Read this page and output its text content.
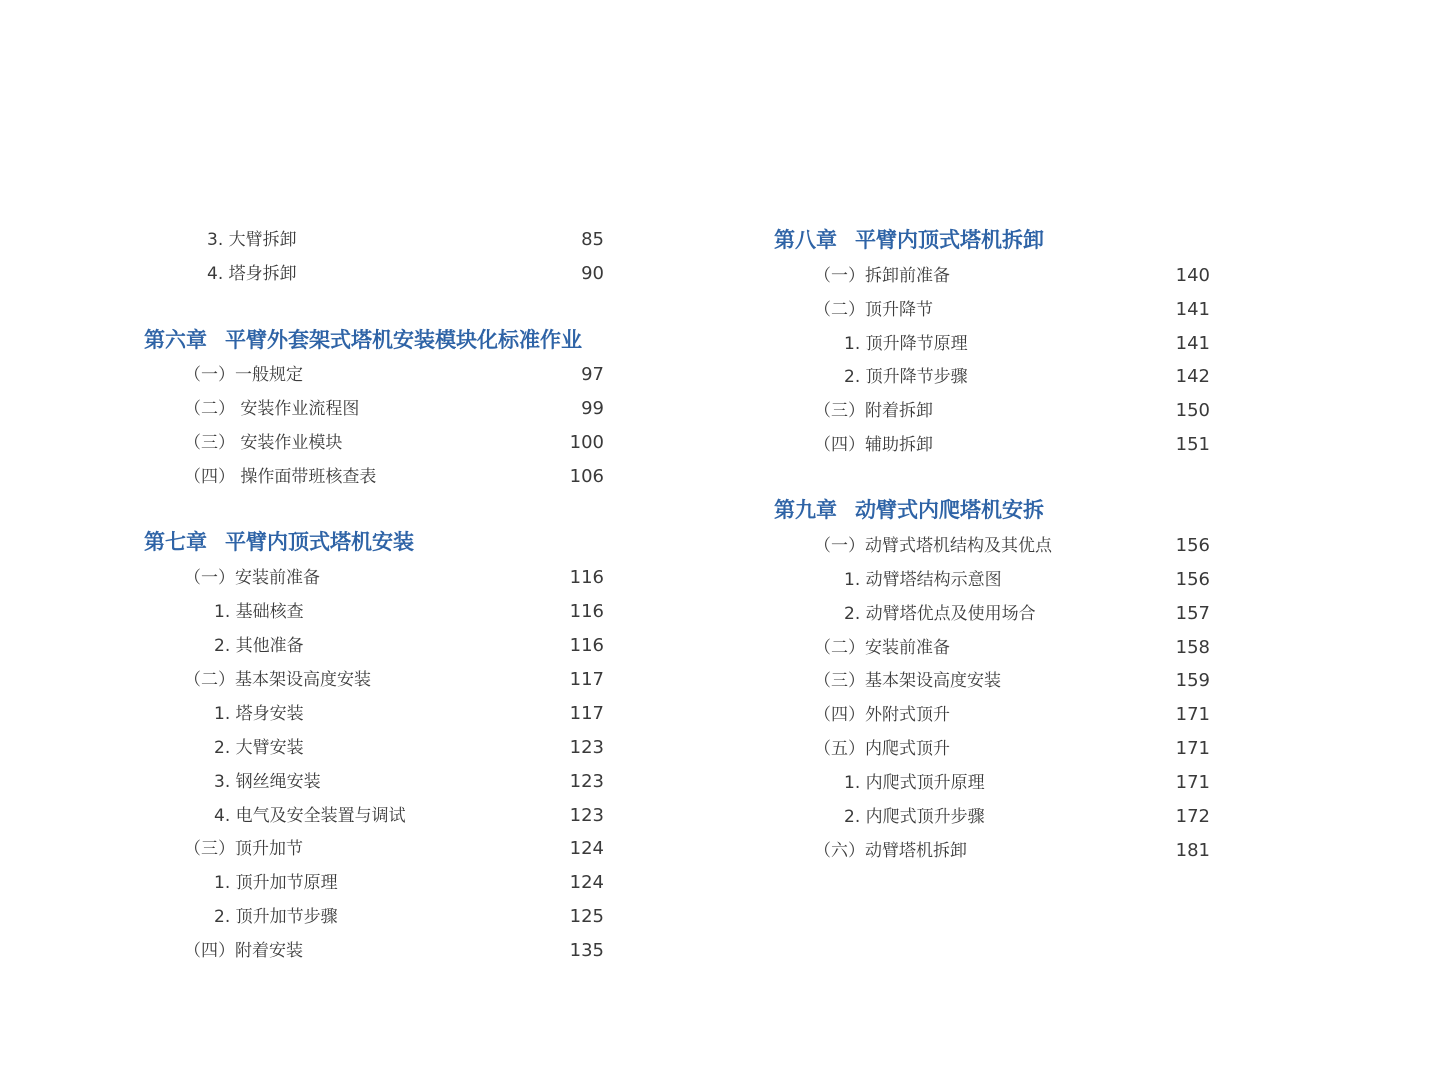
3. 大臂拆卸	85
4. 塔身拆卸	90
第六章 平臂外套架式塔机安装模块化标准作业
（一）一般规定	97
（二） 安装作业流程图	99
（三） 安装作业模块	100
（四） 操作面带班核查表	106
第七章 平臂内顶式塔机安装
（一）安装前准备	116
1. 基础核查	116
2. 其他准备	116
（二）基本架设高度安装	117
1. 塔身安装	117
2. 大臂安装	123
3. 钢丝绳安装	123
4. 电气及安全装置与调试	123
（三）顶升加节	124
1. 顶升加节原理	124
2. 顶升加节步骤	125
（四）附着安装	135
第八章 平臂内顶式塔机拆卸
（一）拆卸前准备	140
（二）顶升降节	141
1. 顶升降节原理	141
2. 顶升降节步骤	142
（三）附着拆卸	150
（四）辅助拆卸	151
第九章 动臂式内爬塔机安拆
（一）动臂式塔机结构及其优点	156
1. 动臂塔结构示意图	156
2. 动臂塔优点及使用场合	157
（二）安装前准备	158
（三）基本架设高度安装	159
（四）外附式顶升	171
（五）内爬式顶升	171
1. 内爬式顶升原理	171
2. 内爬式顶升步骤	172
（六）动臂塔机拆卸	181
